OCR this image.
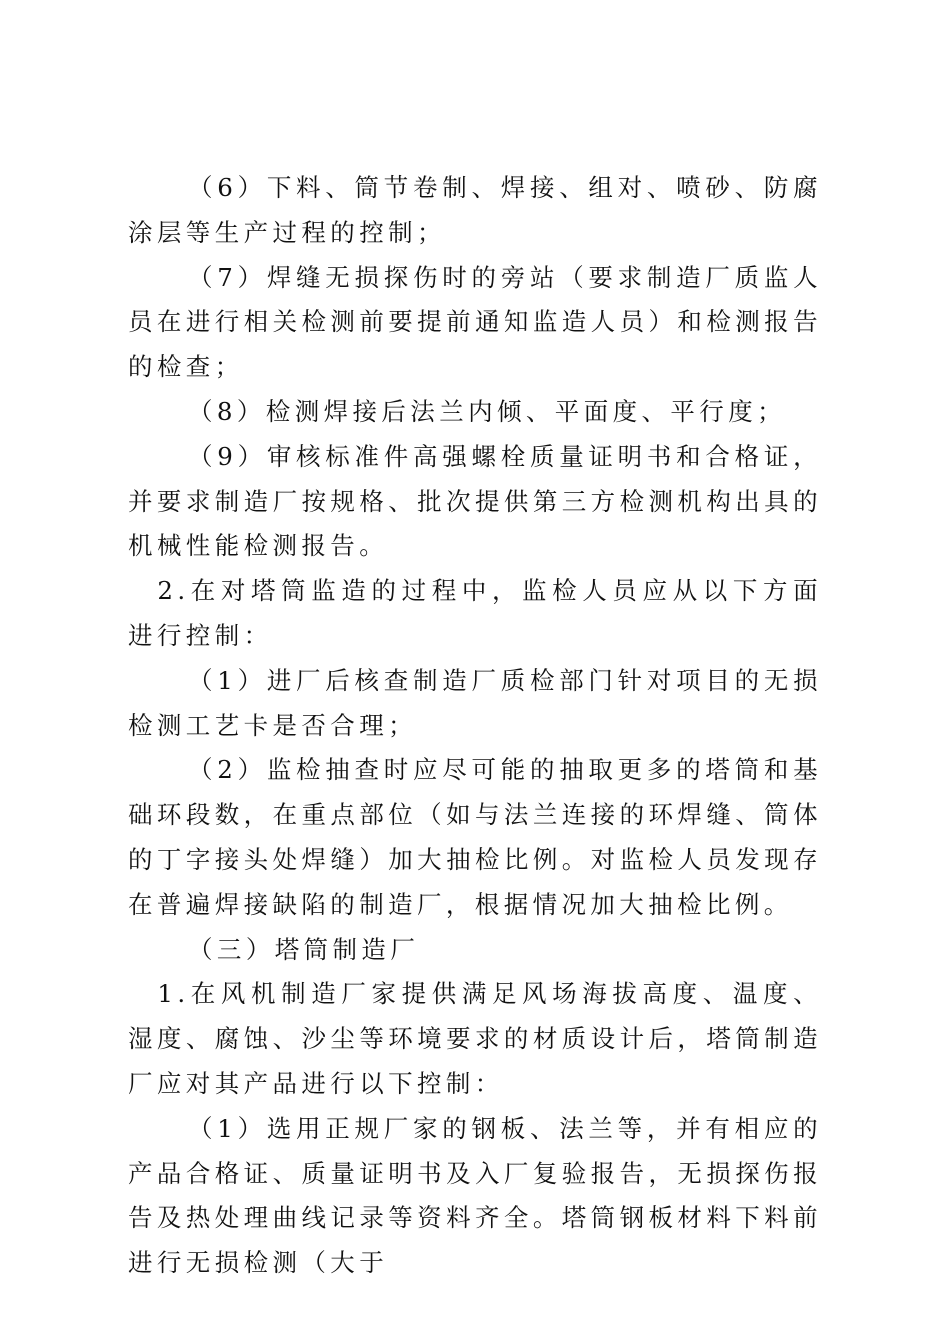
（6）下料、筒节卷制、焊接、组对、喷砂、防腐涂层等生产过程的控制；

（7）焊缝无损探伤时的旁站（要求制造厂质监人员在进行相关检测前要提前通知监造人员）和检测报告的检查；

（8）检测焊接后法兰内倾、平面度、平行度；

（9）审核标准件高强螺栓质量证明书和合格证，并要求制造厂按规格、批次提供第三方检测机构出具的机械性能检测报告。

2.在对塔筒监造的过程中，监检人员应从以下方面进行控制：

（1）进厂后核查制造厂质检部门针对项目的无损检测工艺卡是否合理；

（2）监检抽查时应尽可能的抽取更多的塔筒和基础环段数，在重点部位（如与法兰连接的环焊缝、筒体的丁字接头处焊缝）加大抽检比例。对监检人员发现存在普遍焊接缺陷的制造厂，根据情况加大抽检比例。

（三）塔筒制造厂

1.在风机制造厂家提供满足风场海拔高度、温度、湿度、腐蚀、沙尘等环境要求的材质设计后，塔筒制造厂应对其产品进行以下控制：

（1）选用正规厂家的钢板、法兰等，并有相应的产品合格证、质量证明书及入厂复验报告，无损探伤报告及热处理曲线记录等资料齐全。塔筒钢板材料下料前进行无损检测（大于
